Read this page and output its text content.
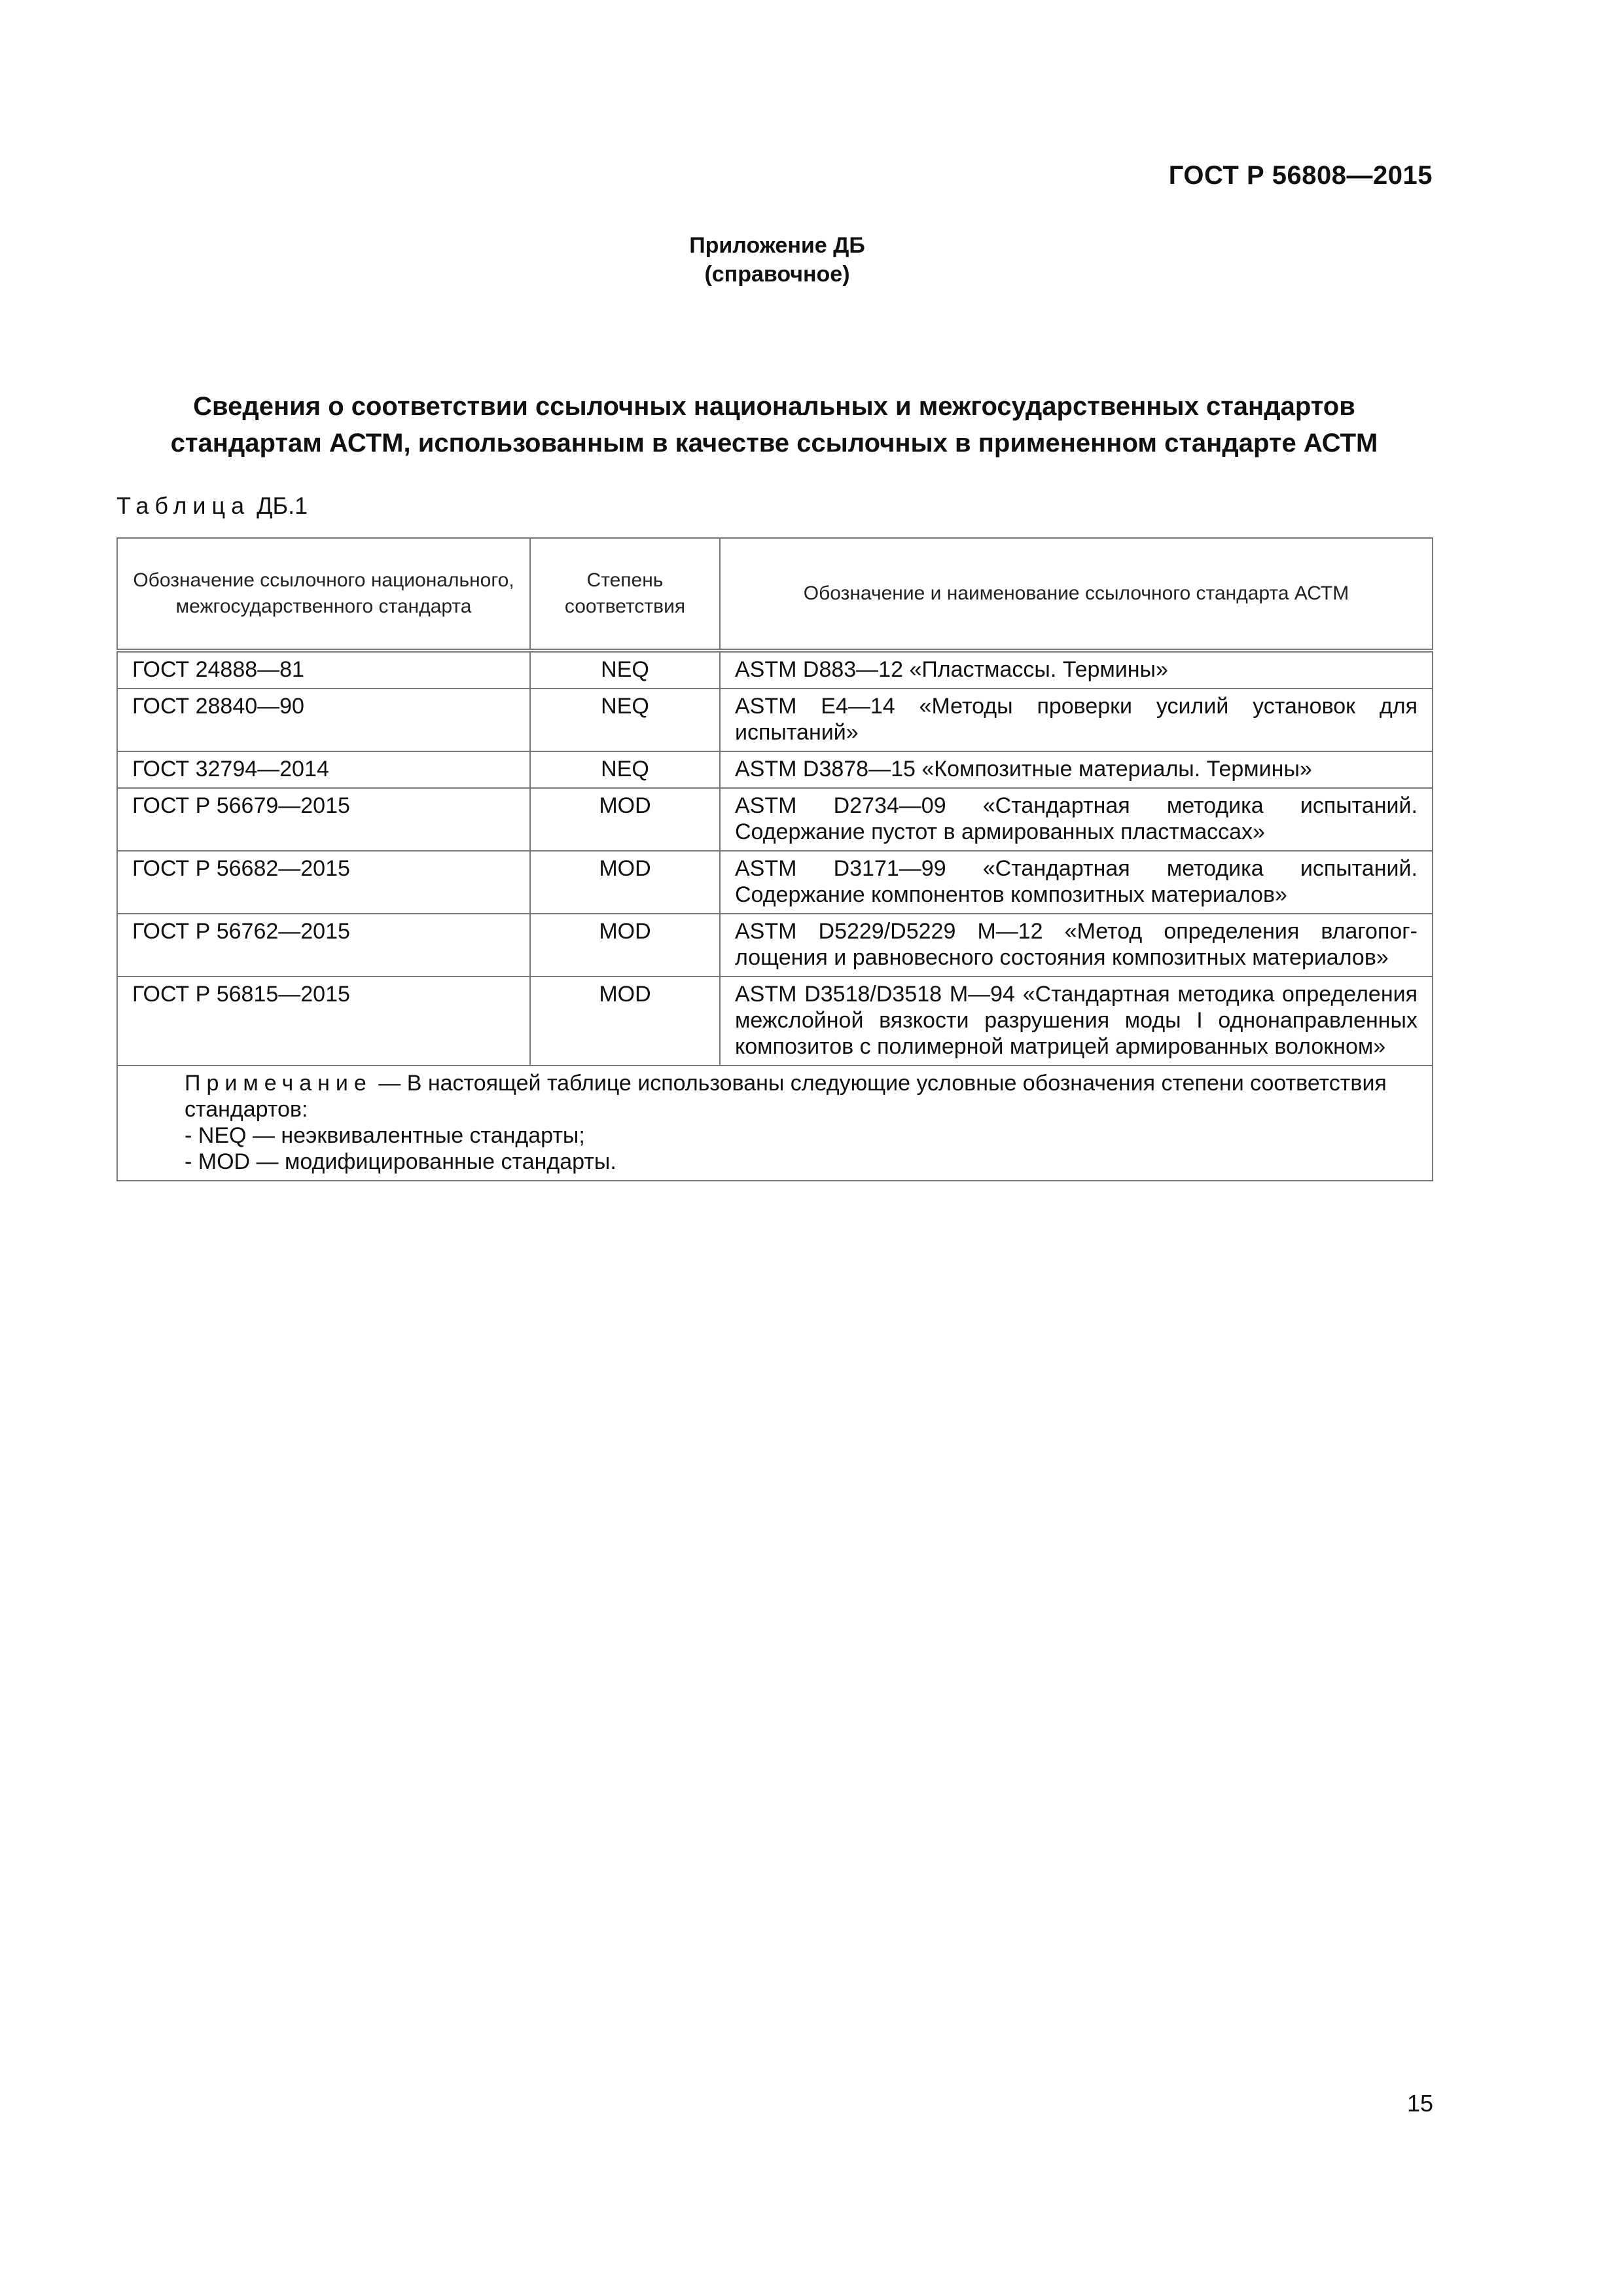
ГОСТ Р 56808—2015
Приложение ДБ
(справочное)
Сведения о соответствии ссылочных национальных и межгосударственных стандартов
стандартам АСТМ, использованным в качестве ссылочных в примененном стандарте АСТМ
Таблица ДБ.1
Обозначение ссылочного национального, межгосударственного стандарта	Степень соответствия	Обозначение и наименование ссылочного стандарта АСТМ
ГОСТ 24888—81	NEQ	ASTM D883—12 «Пластмассы. Термины»
ГОСТ 28840—90	NEQ	ASTM E4—14 «Методы проверки усилий установок для испытаний»
ГОСТ 32794—2014	NEQ	ASTM D3878—15 «Композитные материалы. Термины»
ГОСТ Р 56679—2015	MOD	ASTM D2734—09 «Стандартная методика испытаний. Содержание пустот в армированных пластмассах»
ГОСТ Р 56682—2015	MOD	ASTM D3171—99 «Стандартная методика испытаний. Содержание компонентов композитных материалов»
ГОСТ Р 56762—2015	MOD	ASTM D5229/D5229 M—12 «Метод определения влагопоглощения и равновесного состояния композитных материалов»
ГОСТ Р 56815—2015	MOD	ASTM D3518/D3518 M—94 «Стандартная методика определения межслойной вязкости разрушения моды I однонаправленных композитов с полимерной матрицей армированных волокном»

Примечание — В настоящей таблице использованы следующие условные обозначения степени соответствия стандартов:
- NEQ — неэквивалентные стандарты;
- MOD — модифицированные стандарты.		
15
